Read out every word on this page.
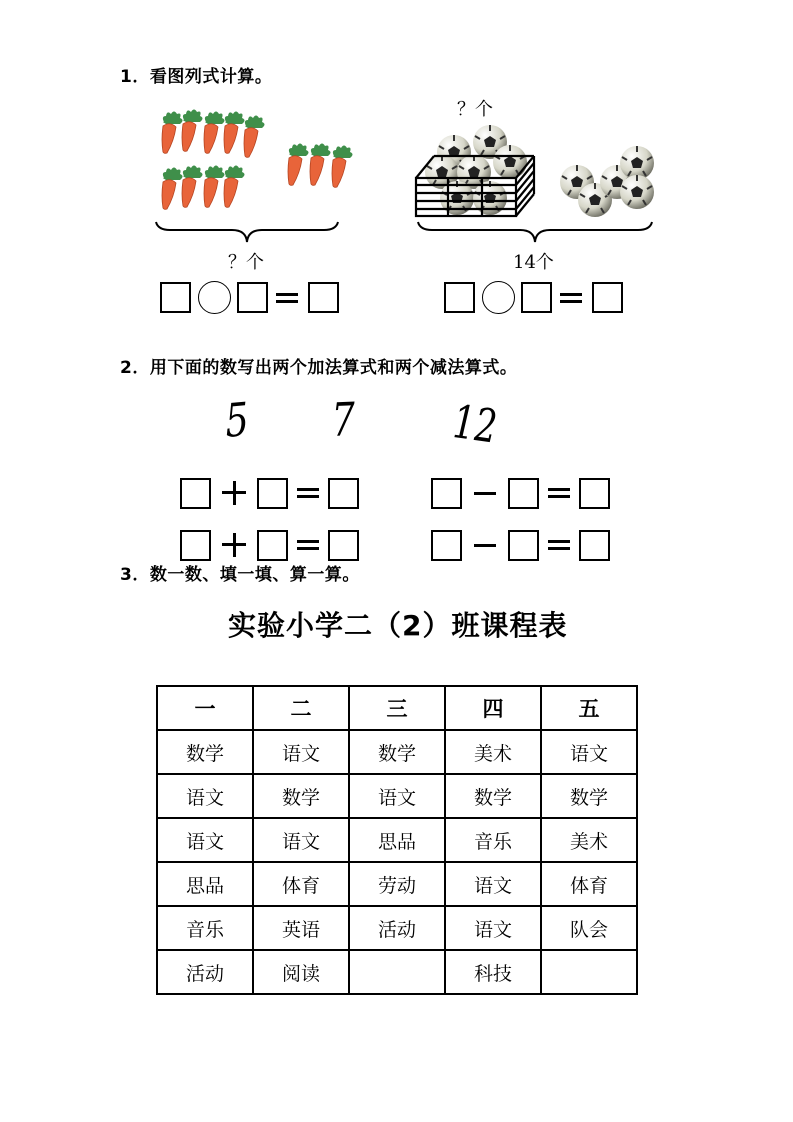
1．看图列式计算。
？个
？个
14个
2．用下面的数写出两个加法算式和两个减法算式。
5 7 12
3．数一数、填一填、算一算。
实验小学二（2）班课程表
一	二	三	四	五
数学	语文	数学	美术	语文
语文	数学	语文	数学	数学
语文	语文	思品	音乐	美术
思品	体育	劳动	语文	体育
音乐	英语	活动	语文	队会
活动	阅读		科技	
